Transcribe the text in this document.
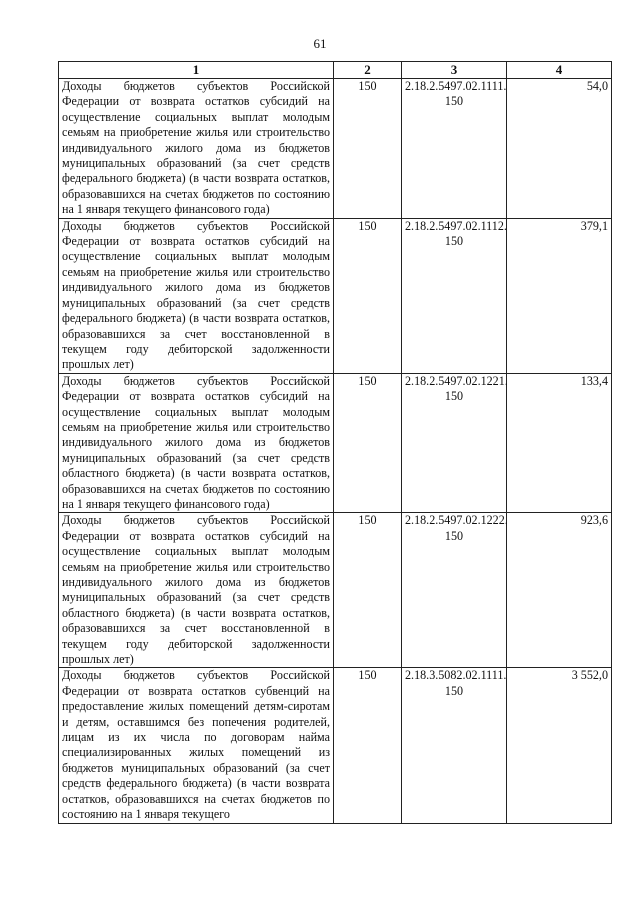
61
1	2	3	4
Доходы бюджетов субъектов Российской Федерации от возврата остатков субсидий на осуществление социальных выплат молодым семьям на приобретение жилья или строительство индивидуального жилого дома из бюджетов муниципальных образований (за счет средств федерального бюджета) (в части возврата остатков, образовавшихся на счетах бюджетов по состоянию на 1 января текущего финансового года)	150	2.18.2.5497.02.1111. 150	54,0
Доходы бюджетов субъектов Российской Федерации от возврата остатков субсидий на осуществление социальных выплат молодым семьям на приобретение жилья или строительство индивидуального жилого дома из бюджетов муниципальных образований (за счет средств федерального бюджета) (в части возврата остатков, образовавшихся за счет восстановленной в текущем году дебиторской задолженности прошлых лет)	150	2.18.2.5497.02.1112. 150	379,1
Доходы бюджетов субъектов Российской Федерации от возврата остатков субсидий на осуществление социальных выплат молодым семьям на приобретение жилья или строительство индивидуального жилого дома из бюджетов муниципальных образований (за счет средств областного бюджета) (в части возврата остатков, образовавшихся на счетах бюджетов по состоянию на 1 января текущего финансового года)	150	2.18.2.5497.02.1221. 150	133,4
Доходы бюджетов субъектов Российской Федерации от возврата остатков субсидий на осуществление социальных выплат молодым семьям на приобретение жилья или строительство индивидуального жилого дома из бюджетов муниципальных образований (за счет средств областного бюджета) (в части возврата остатков, образовавшихся за счет восстановленной в текущем году дебиторской задолженности прошлых лет)	150	2.18.2.5497.02.1222. 150	923,6
Доходы бюджетов субъектов Российской Федерации от возврата остатков субвенций на предоставление жилых помещений детям-сиротам и детям, оставшимся без попечения родителей, лицам из их числа по договорам найма специализированных жилых помещений из бюджетов муниципальных образований (за счет средств федерального бюджета) (в части возврата остатков, образовавшихся на счетах бюджетов по состоянию на 1 января текущего	150	2.18.3.5082.02.1111. 150	3 552,0
